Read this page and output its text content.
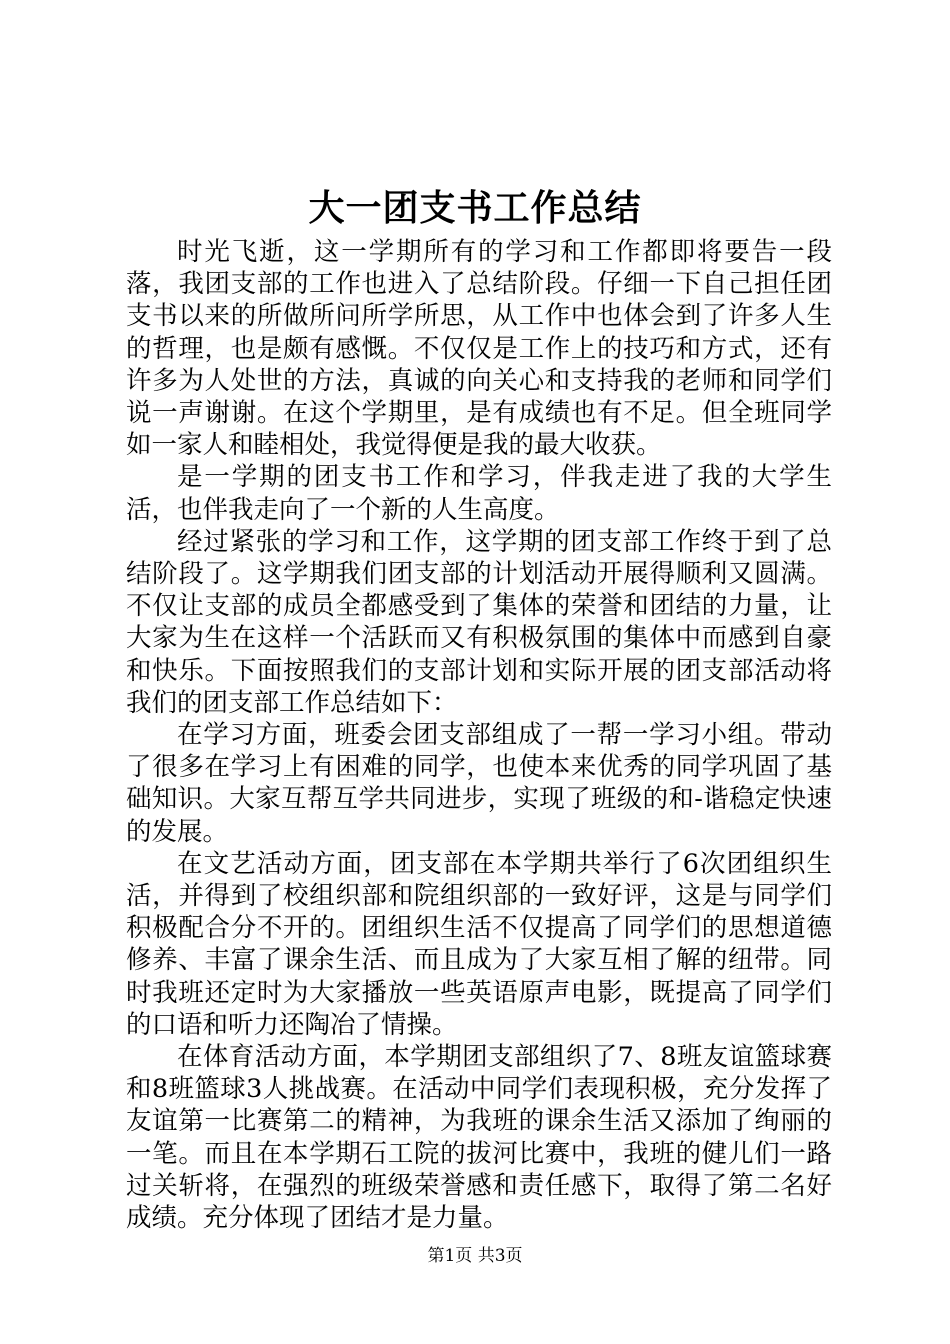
大一团支书工作总结

时光飞逝，这一学期所有的学习和工作都即将要告一段落，我团支部的工作也进入了总结阶段。仔细一下自己担任团支书以来的所做所问所学所思，从工作中也体会到了许多人生的哲理，也是颇有感慨。不仅仅是工作上的技巧和方式，还有许多为人处世的方法，真诚的向关心和支持我的老师和同学们说一声谢谢。在这个学期里，是有成绩也有不足。但全班同学如一家人和睦相处，我觉得便是我的最大收获。

是一学期的团支书工作和学习，伴我走进了我的大学生活，也伴我走向了一个新的人生高度。

经过紧张的学习和工作，这学期的团支部工作终于到了总结阶段了。这学期我们团支部的计划活动开展得顺利又圆满。不仅让支部的成员全都感受到了集体的荣誉和团结的力量，让大家为生在这样一个活跃而又有积极氛围的集体中而感到自豪和快乐。下面按照我们的支部计划和实际开展的团支部活动将我们的团支部工作总结如下：

在学习方面，班委会团支部组成了一帮一学习小组。带动了很多在学习上有困难的同学，也使本来优秀的同学巩固了基础知识。大家互帮互学共同进步，实现了班级的和-谐稳定快速的发展。

在文艺活动方面，团支部在本学期共举行了6次团组织生活，并得到了校组织部和院组织部的一致好评，这是与同学们积极配合分不开的。团组织生活不仅提高了同学们的思想道德修养、丰富了课余生活、而且成为了大家互相了解的纽带。同时我班还定时为大家播放一些英语原声电影，既提高了同学们的口语和听力还陶冶了情操。

在体育活动方面，本学期团支部组织了7、8班友谊篮球赛和8班篮球3人挑战赛。在活动中同学们表现积极，充分发挥了友谊第一比赛第二的精神，为我班的课余生活又添加了绚丽的一笔。而且在本学期石工院的拔河比赛中，我班的健儿们一路过关斩将，在强烈的班级荣誉感和责任感下，取得了第二名好成绩。充分体现了团结才是力量。

第1页 共3页
